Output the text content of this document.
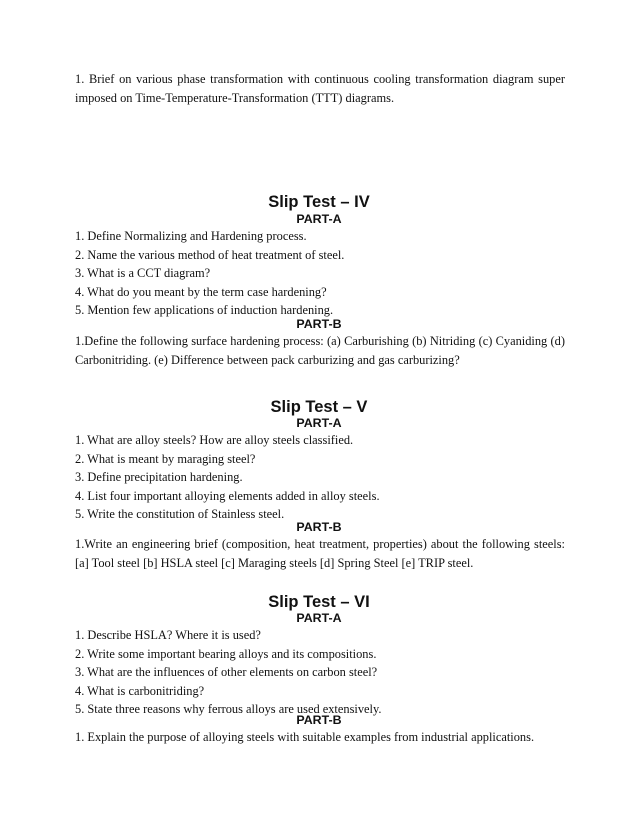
1. Brief on various phase transformation with continuous cooling transformation diagram super imposed on Time-Temperature-Transformation (TTT) diagrams.
Slip Test – IV
PART-A

1. Define Normalizing and Hardening process.

2. Name the various method of heat treatment of steel.

3. What is a CCT diagram?

4. What do you meant by the term case hardening?

5. Mention few applications of induction hardening.

PART-B
1.Define the following surface hardening process: (a) Carburishing (b) Nitriding (c) Cyaniding (d) Carbonitriding. (e) Difference between pack carburizing and gas carburizing?
Slip Test – V
PART-A

1. What are alloy steels? How are alloy steels classified.

2. What is meant by maraging steel?

3. Define precipitation hardening.

4. List four important alloying elements added in alloy steels.

5. Write the constitution of Stainless steel.

PART-B
1.Write an engineering brief (composition, heat treatment, properties) about the following steels: [a] Tool steel [b] HSLA steel [c] Maraging steels [d] Spring Steel [e] TRIP steel.
Slip Test – VI
PART-A

1. Describe HSLA? Where it is used?

2. Write some important bearing alloys and its compositions.

3. What are the influences of other elements on carbon steel?

4. What is carbonitriding?

5. State three reasons why ferrous alloys are used extensively.

PART-B
1. Explain the purpose of alloying steels with suitable examples from industrial applications.
